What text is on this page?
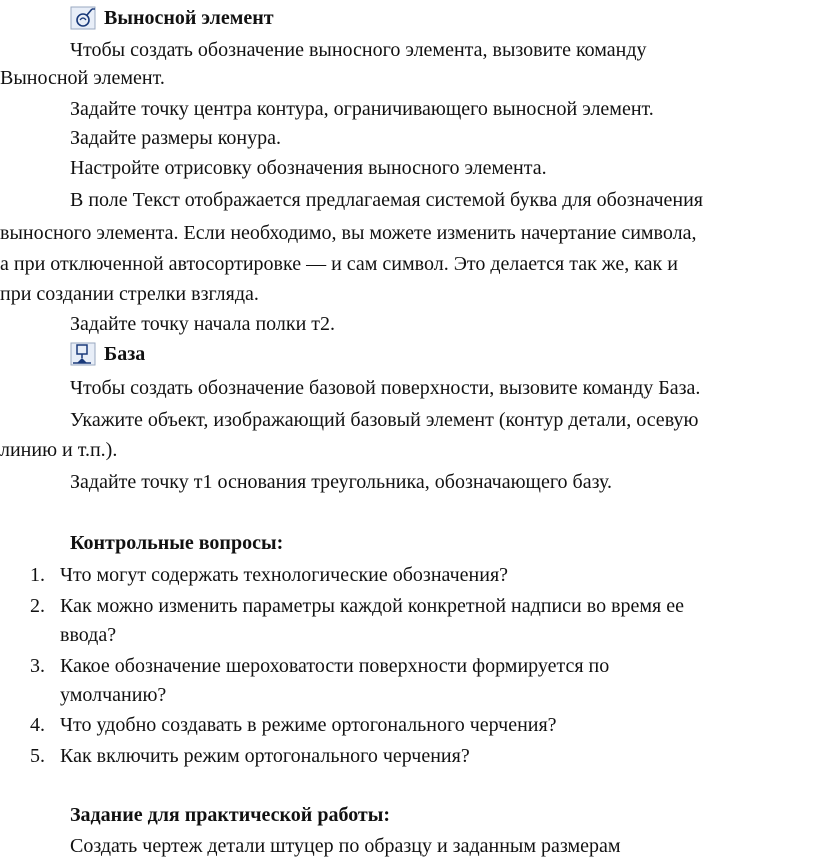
Выносной элемент
Чтобы создать обозначение выносного элемента, вызовите команду
Выносной элемент.
Задайте точку центра контура, ограничивающего выносной элемент.
Задайте размеры конура.
Настройте отрисовку обозначения выносного элемента.
В поле Текст отображается предлагаемая системой буква для обозначения
выносного элемента. Если необходимо, вы можете изменить начертание символа,
а при отключенной автосортировке — и сам символ. Это делается так же, как и
при создании стрелки взгляда.
Задайте точку начала полки т2.
База
Чтобы создать обозначение базовой поверхности, вызовите команду База.
Укажите объект, изображающий базовый элемент (контур детали, осевую
линию и т.п.).
Задайте точку т1 основания треугольника, обозначающего базу.
Контрольные вопросы:
1. Что могут содержать технологические обозначения?
2. Как можно изменить параметры каждой конкретной надписи во время ее
ввода?
3. Какое обозначение шероховатости поверхности формируется по
умолчанию?
4. Что удобно создавать в режиме ортогонального черчения?
5. Как включить режим ортогонального черчения?
Задание для практической работы:
Создать чертеж детали штуцер по образцу и заданным размерам
